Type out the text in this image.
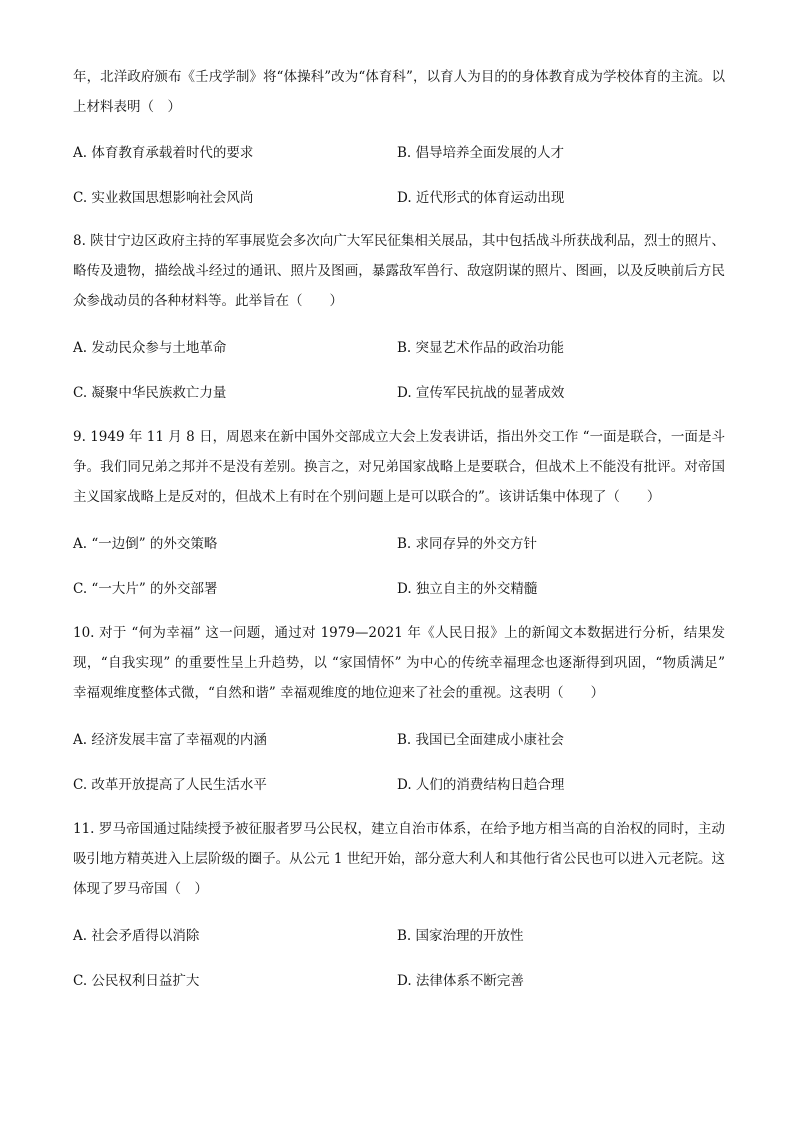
年，北洋政府颁布《壬戌学制》将“体操科”改为“体育科”，以育人为目的的身体教育成为学校体育的主流。以上材料表明（　）
A. 体育教育承载着时代的要求	B. 倡导培养全面发展的人才
C. 实业救国思想影响社会风尚	D. 近代形式的体育运动出现
8. 陕甘宁边区政府主持的军事展览会多次向广大军民征集相关展品，其中包括战斗所获战利品，烈士的照片、略传及遗物，描绘战斗经过的通讯、照片及图画，暴露敌军兽行、敌寇阴谋的照片、图画，以及反映前后方民众参战动员的各种材料等。此举旨在（　　）
A. 发动民众参与土地革命	B. 突显艺术作品的政治功能
C. 凝聚中华民族救亡力量	D. 宣传军民抗战的显著成效
9. 1949 年 11 月 8 日，周恩来在新中国外交部成立大会上发表讲话，指出外交工作 “一面是联合，一面是斗争。我们同兄弟之邦并不是没有差别。换言之，对兄弟国家战略上是要联合，但战术上不能没有批评。对帝国主义国家战略上是反对的，但战术上有时在个别问题上是可以联合的”。该讲话集中体现了（　　）
A. “一边倒” 的外交策略	B. 求同存异的外交方针
C. “一大片” 的外交部署	D. 独立自主的外交精髓
10. 对于 “何为幸福” 这一问题，通过对 1979—2021 年《人民日报》上的新闻文本数据进行分析，结果发现，“自我实现” 的重要性呈上升趋势，以 “家国情怀” 为中心的传统幸福理念也逐渐得到巩固，“物质满足” 幸福观维度整体式微，“自然和谐” 幸福观维度的地位迎来了社会的重视。这表明（　　）
A. 经济发展丰富了幸福观的内涵	B. 我国已全面建成小康社会
C. 改革开放提高了人民生活水平	D. 人们的消费结构日趋合理
11. 罗马帝国通过陆续授予被征服者罗马公民权，建立自治市体系，在给予地方相当高的自治权的同时，主动吸引地方精英进入上层阶级的圈子。从公元 1 世纪开始，部分意大利人和其他行省公民也可以进入元老院。这体现了罗马帝国（　）
A. 社会矛盾得以消除	B. 国家治理的开放性
C. 公民权利日益扩大	D. 法律体系不断完善
